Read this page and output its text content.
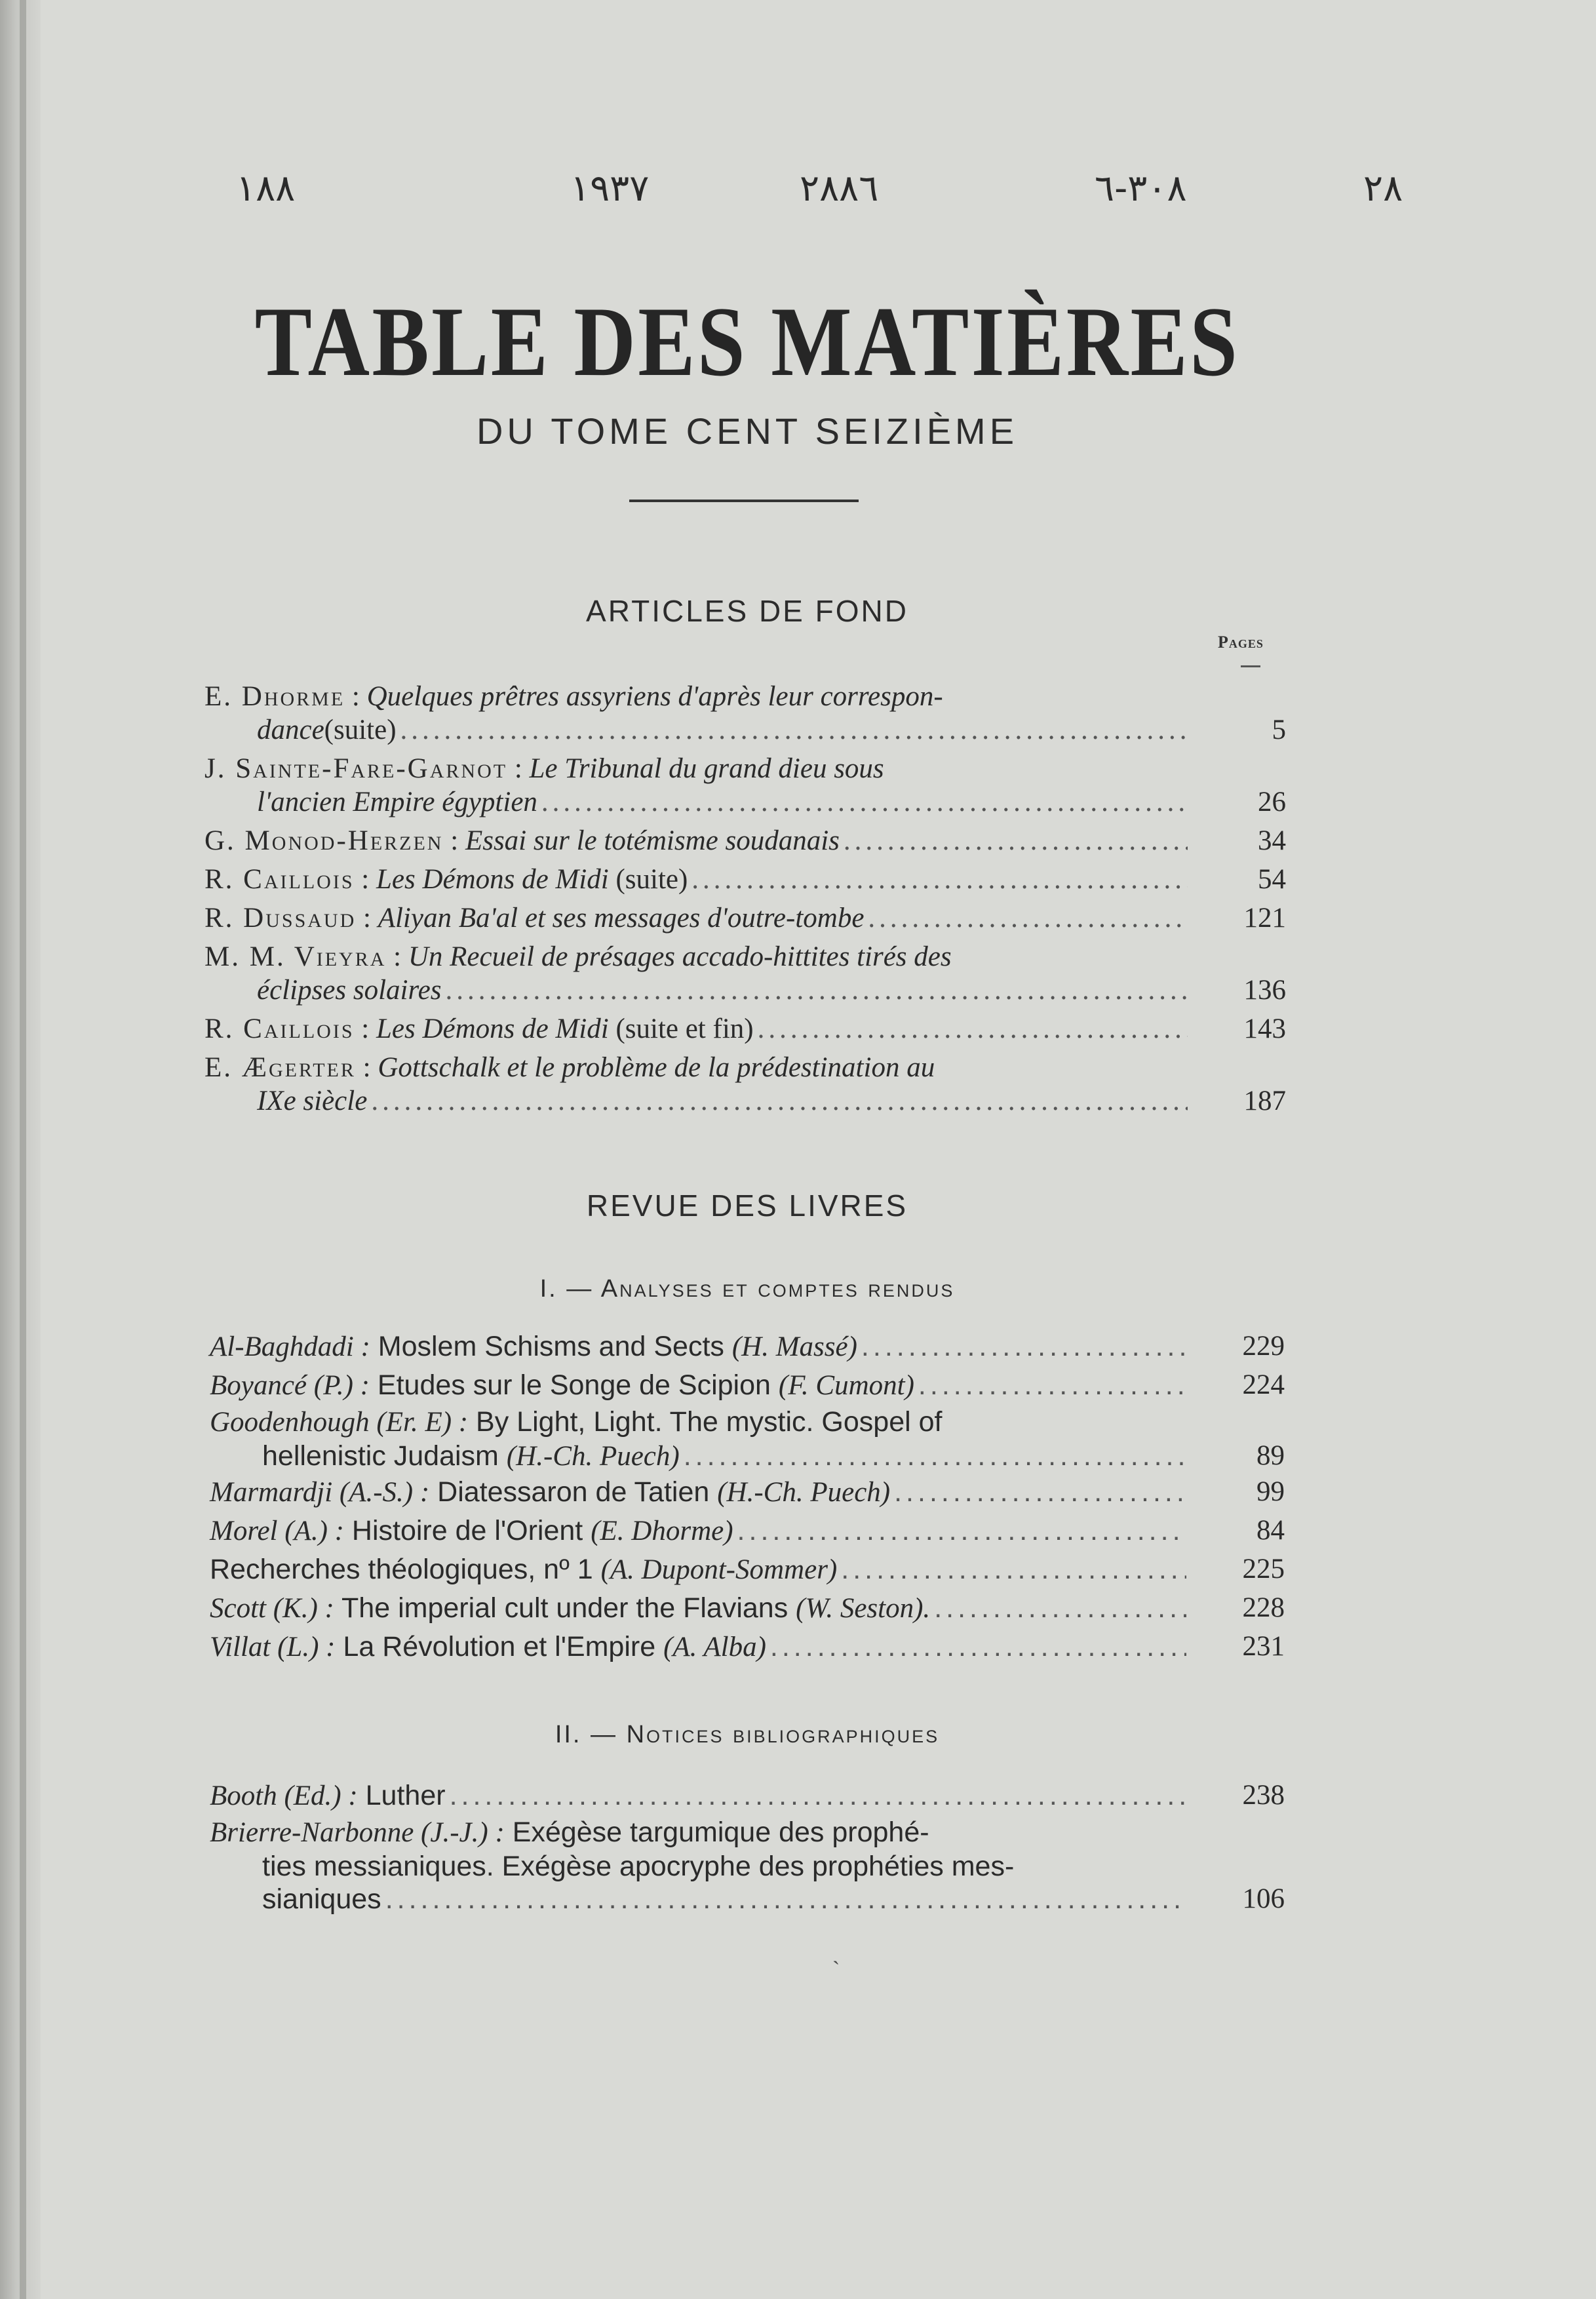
١٨٨	١٩٣٧	٢٨٨٦	٣٠٨-٦	٢٨
TABLE DES MATIÈRES
DU TOME CENT SEIZIÈME
ARTICLES DE FOND
Pages
E. Dhorme : Quelques prêtres assyriens d'après leur correspon-
dance (suite) .....	5
J. Sainte-Fare-Garnot : Le Tribunal du grand dieu sous
l'ancien Empire égyptien .....	26
G. Monod-Herzen : Essai sur le totémisme soudanais .....	34
R. Caillois : Les Démons de Midi (suite) .....	54
R. Dussaud : Aliyan Ba'al et ses messages d'outre-tombe .....	121
M. M. Vieyra : Un Recueil de présages accado-hittites tirés des
éclipses solaires .....	136
R. Caillois : Les Démons de Midi (suite et fin) .....	143
E. Ægerter : Gottschalk et le problème de la prédestination au
IXe siècle .....	187
REVUE DES LIVRES
I. — Analyses et comptes rendus
Al-Baghdadi : Moslem Schisms and Sects (H. Massé) .....	229
Boyancé (P.) : Etudes sur le Songe de Scipion (F. Cumont) .....	224
Goodenhough (Er. E) : By Light, Light. The mystic. Gospel of
hellenistic Judaism (H.-Ch. Puech) .....	89
Marmardji (A.-S.) : Diatessaron de Tatien (H.-Ch. Puech) .....	99
Morel (A.) : Histoire de l'Orient (E. Dhorme) .....	84
Recherches théologiques, nº 1 (A. Dupont-Sommer) .....	225
Scott (K.) : The imperial cult under the Flavians (W. Seston). .....	228
Villat (L.) : La Révolution et l'Empire (A. Alba) .....	231
II. — Notices bibliographiques
Booth (Ed.) : Luther .....	238
Brierre-Narbonne (J.-J.) : Exégèse targumique des prophé-
ties messianiques. Exégèse apocryphe des prophéties mes-
sianiques .....	106
ˏ
